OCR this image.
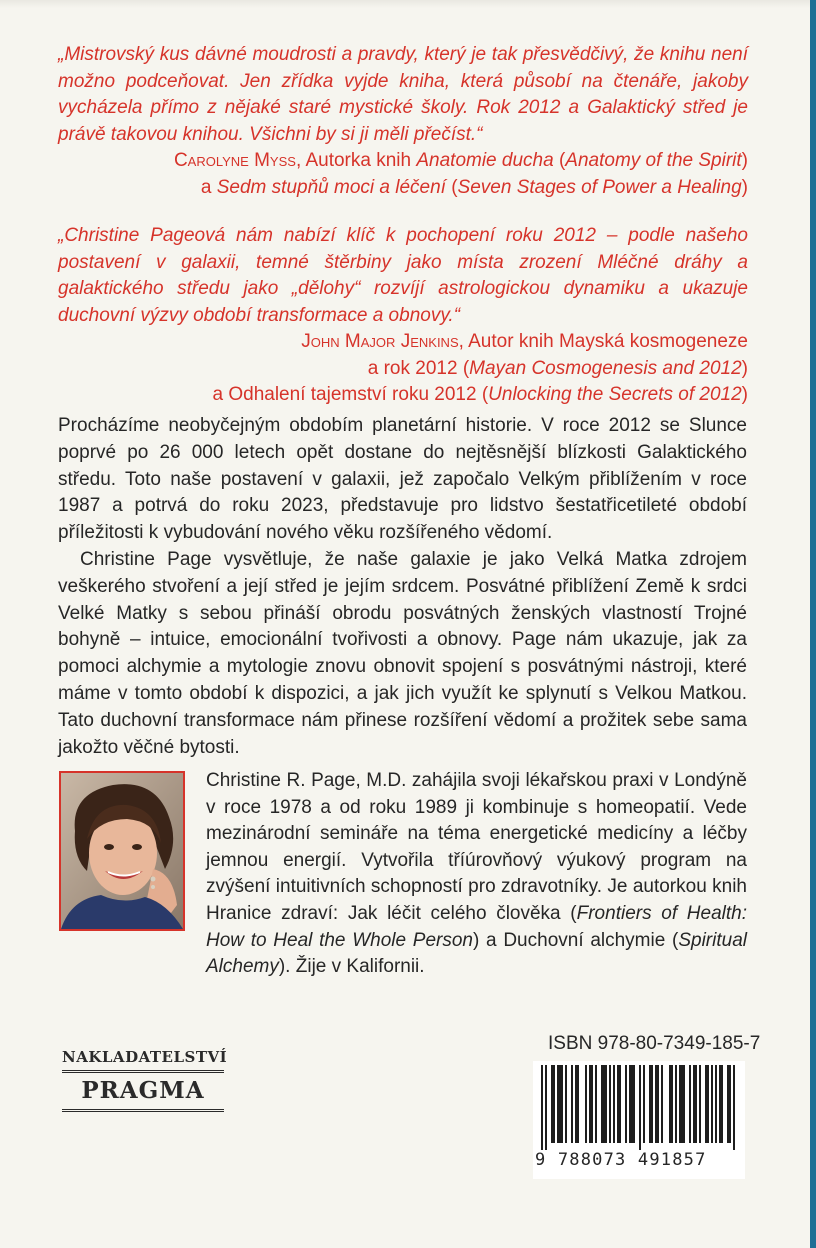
„Mistrovský kus dávné moudrosti a pravdy, který je tak přesvědčivý, že knihu není možno podceňovat. Jen zřídka vyjde kniha, která působí na čtenáře, jakoby vycházela přímo z nějaké staré mystické školy. Rok 2012 a Galaktický střed je právě takovou knihou. Všichni by si ji měli přečíst.“

Carolyne Myss, Autorka knih Anatomie ducha (Anatomy of the Spirit)
a Sedm stupňů moci a léčení (Seven Stages of Power a Healing)

„Christine Pageová nám nabízí klíč k pochopení roku 2012 – podle našeho postavení v galaxii, temné štěrbiny jako místa zrození Mléčné dráhy a galaktického středu jako „dělohy“ rozvíjí astrologickou dynamiku a ukazuje duchovní výzvy období transformace a obnovy.“

John Major Jenkins, Autor knih Mayská kosmogeneze
a rok 2012 (Mayan Cosmogenesis and 2012)
a Odhalení tajemství roku 2012 (Unlocking the Secrets of 2012)

Procházíme neobyčejným obdobím planetární historie. V roce 2012 se Slunce poprvé po 26 000 letech opět dostane do nejtěsnější blízkosti Galaktického středu. Toto naše postavení v galaxii, jež započalo Velkým přiblížením v roce 1987 a potrvá do roku 2023, představuje pro lidstvo šestatřicetileté období příležitosti k vybudování nového věku rozšířeného vědomí.

Christine Page vysvětluje, že naše galaxie je jako Velká Matka zdrojem veškerého stvoření a její střed je jejím srdcem. Posvátné přiblížení Země k srdci Velké Matky s sebou přináší obrodu posvátných ženských vlastností Trojné bohyně – intuice, emocionální tvořivosti a obnovy. Page nám ukazuje, jak za pomoci alchymie a mytologie znovu obnovit spojení s posvátnými nástroji, které máme v tomto období k dispozici, a jak jich využít ke splynutí s Velkou Matkou. Tato duchovní transformace nám přinese rozšíření vědomí a prožitek sebe sama jakožto věčné bytosti.

Christine R. Page, M.D. zahájila svoji lékařskou praxi v Londýně v roce 1978 a od roku 1989 ji kombinuje s homeopatií. Vede mezinárodní semináře na téma energetické medicíny a léčby jemnou energií. Vytvořila tříúrovňový výukový program na zvýšení intuitivních schopností pro zdravotníky. Je autorkou knih Hranice zdraví: Jak léčit celého člověka (Frontiers of Health: How to Heal the Whole Person) a Duchovní alchymie (Spiritual Alchemy). Žije v Kalifornii.

NAKLADATELSTVÍ
PRAGMA
ISBN 978-80-7349-185-7
9 788073 491857
